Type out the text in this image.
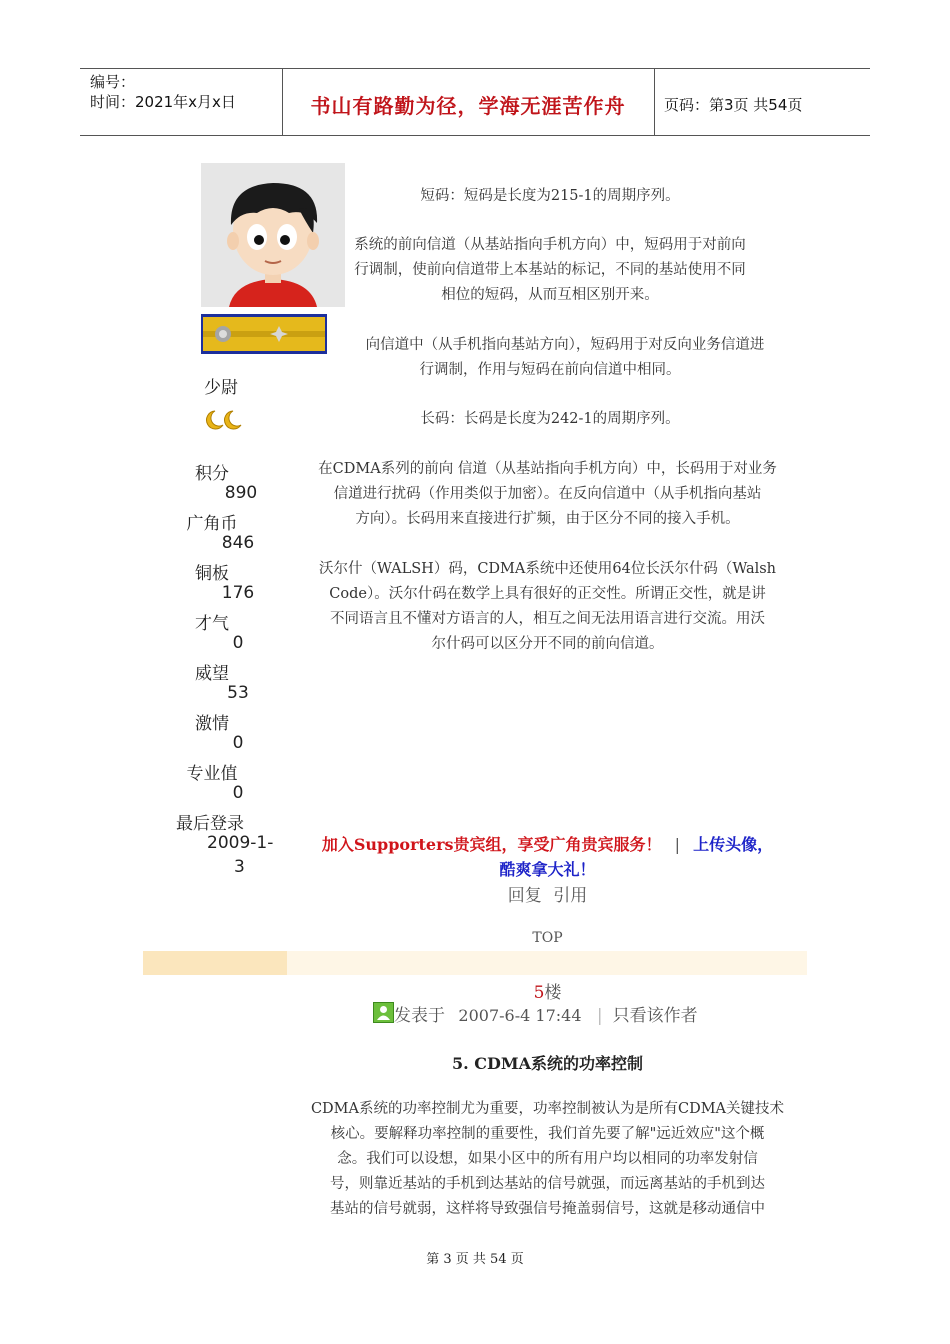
编号：
时间：2021年x月x日	书山有路勤为径，学海无涯苦作舟	页码：第3页 共54页
少尉
积分
890
广角币
846
铜板
176
才气
0
威望
53
激情
0
专业值
0
最后登录
2009-1-
3
短码：短码是长度为215-1的周期序列。
系统的前向信道（从基站指向手机方向）中，短码用于对前向
行调制，使前向信道带上本基站的标记，不同的基站使用不同
相位的短码，从而互相区别开来。
向信道中（从手机指向基站方向），短码用于对反向业务信道进
行调制，作用与短码在前向信道中相同。
长码：长码是长度为242-1的周期序列。
在CDMA系列的前向 信道（从基站指向手机方向）中，长码用于对业务
信道进行扰码（作用类似于加密）。在反向信道中（从手机指向基站
方向）。长码用来直接进行扩频，由于区分不同的接入手机。
沃尔什（WALSH）码，CDMA系统中还使用64位长沃尔什码（Walsh
Code）。沃尔什码在数学上具有很好的正交性。所谓正交性，就是讲
不同语言且不懂对方语言的人，相互之间无法用语言进行交流。用沃
尔什码可以区分开不同的前向信道。
加入Supporters贵宾组，享受广角贵宾服务！ | 上传头像，
酷爽拿大礼！
回复 引用
TOP
5楼
发表于 2007-6-4 17:44 | 只看该作者
5. CDMA系统的功率控制
CDMA系统的功率控制尤为重要，功率控制被认为是所有CDMA关键技术
核心。要解释功率控制的重要性，我们首先要了解"远近效应"这个概
念。我们可以设想，如果小区中的所有用户均以相同的功率发射信
号，则靠近基站的手机到达基站的信号就强，而远离基站的手机到达
基站的信号就弱，这样将导致强信号掩盖弱信号，这就是移动通信中
第 3 页 共 54 页
